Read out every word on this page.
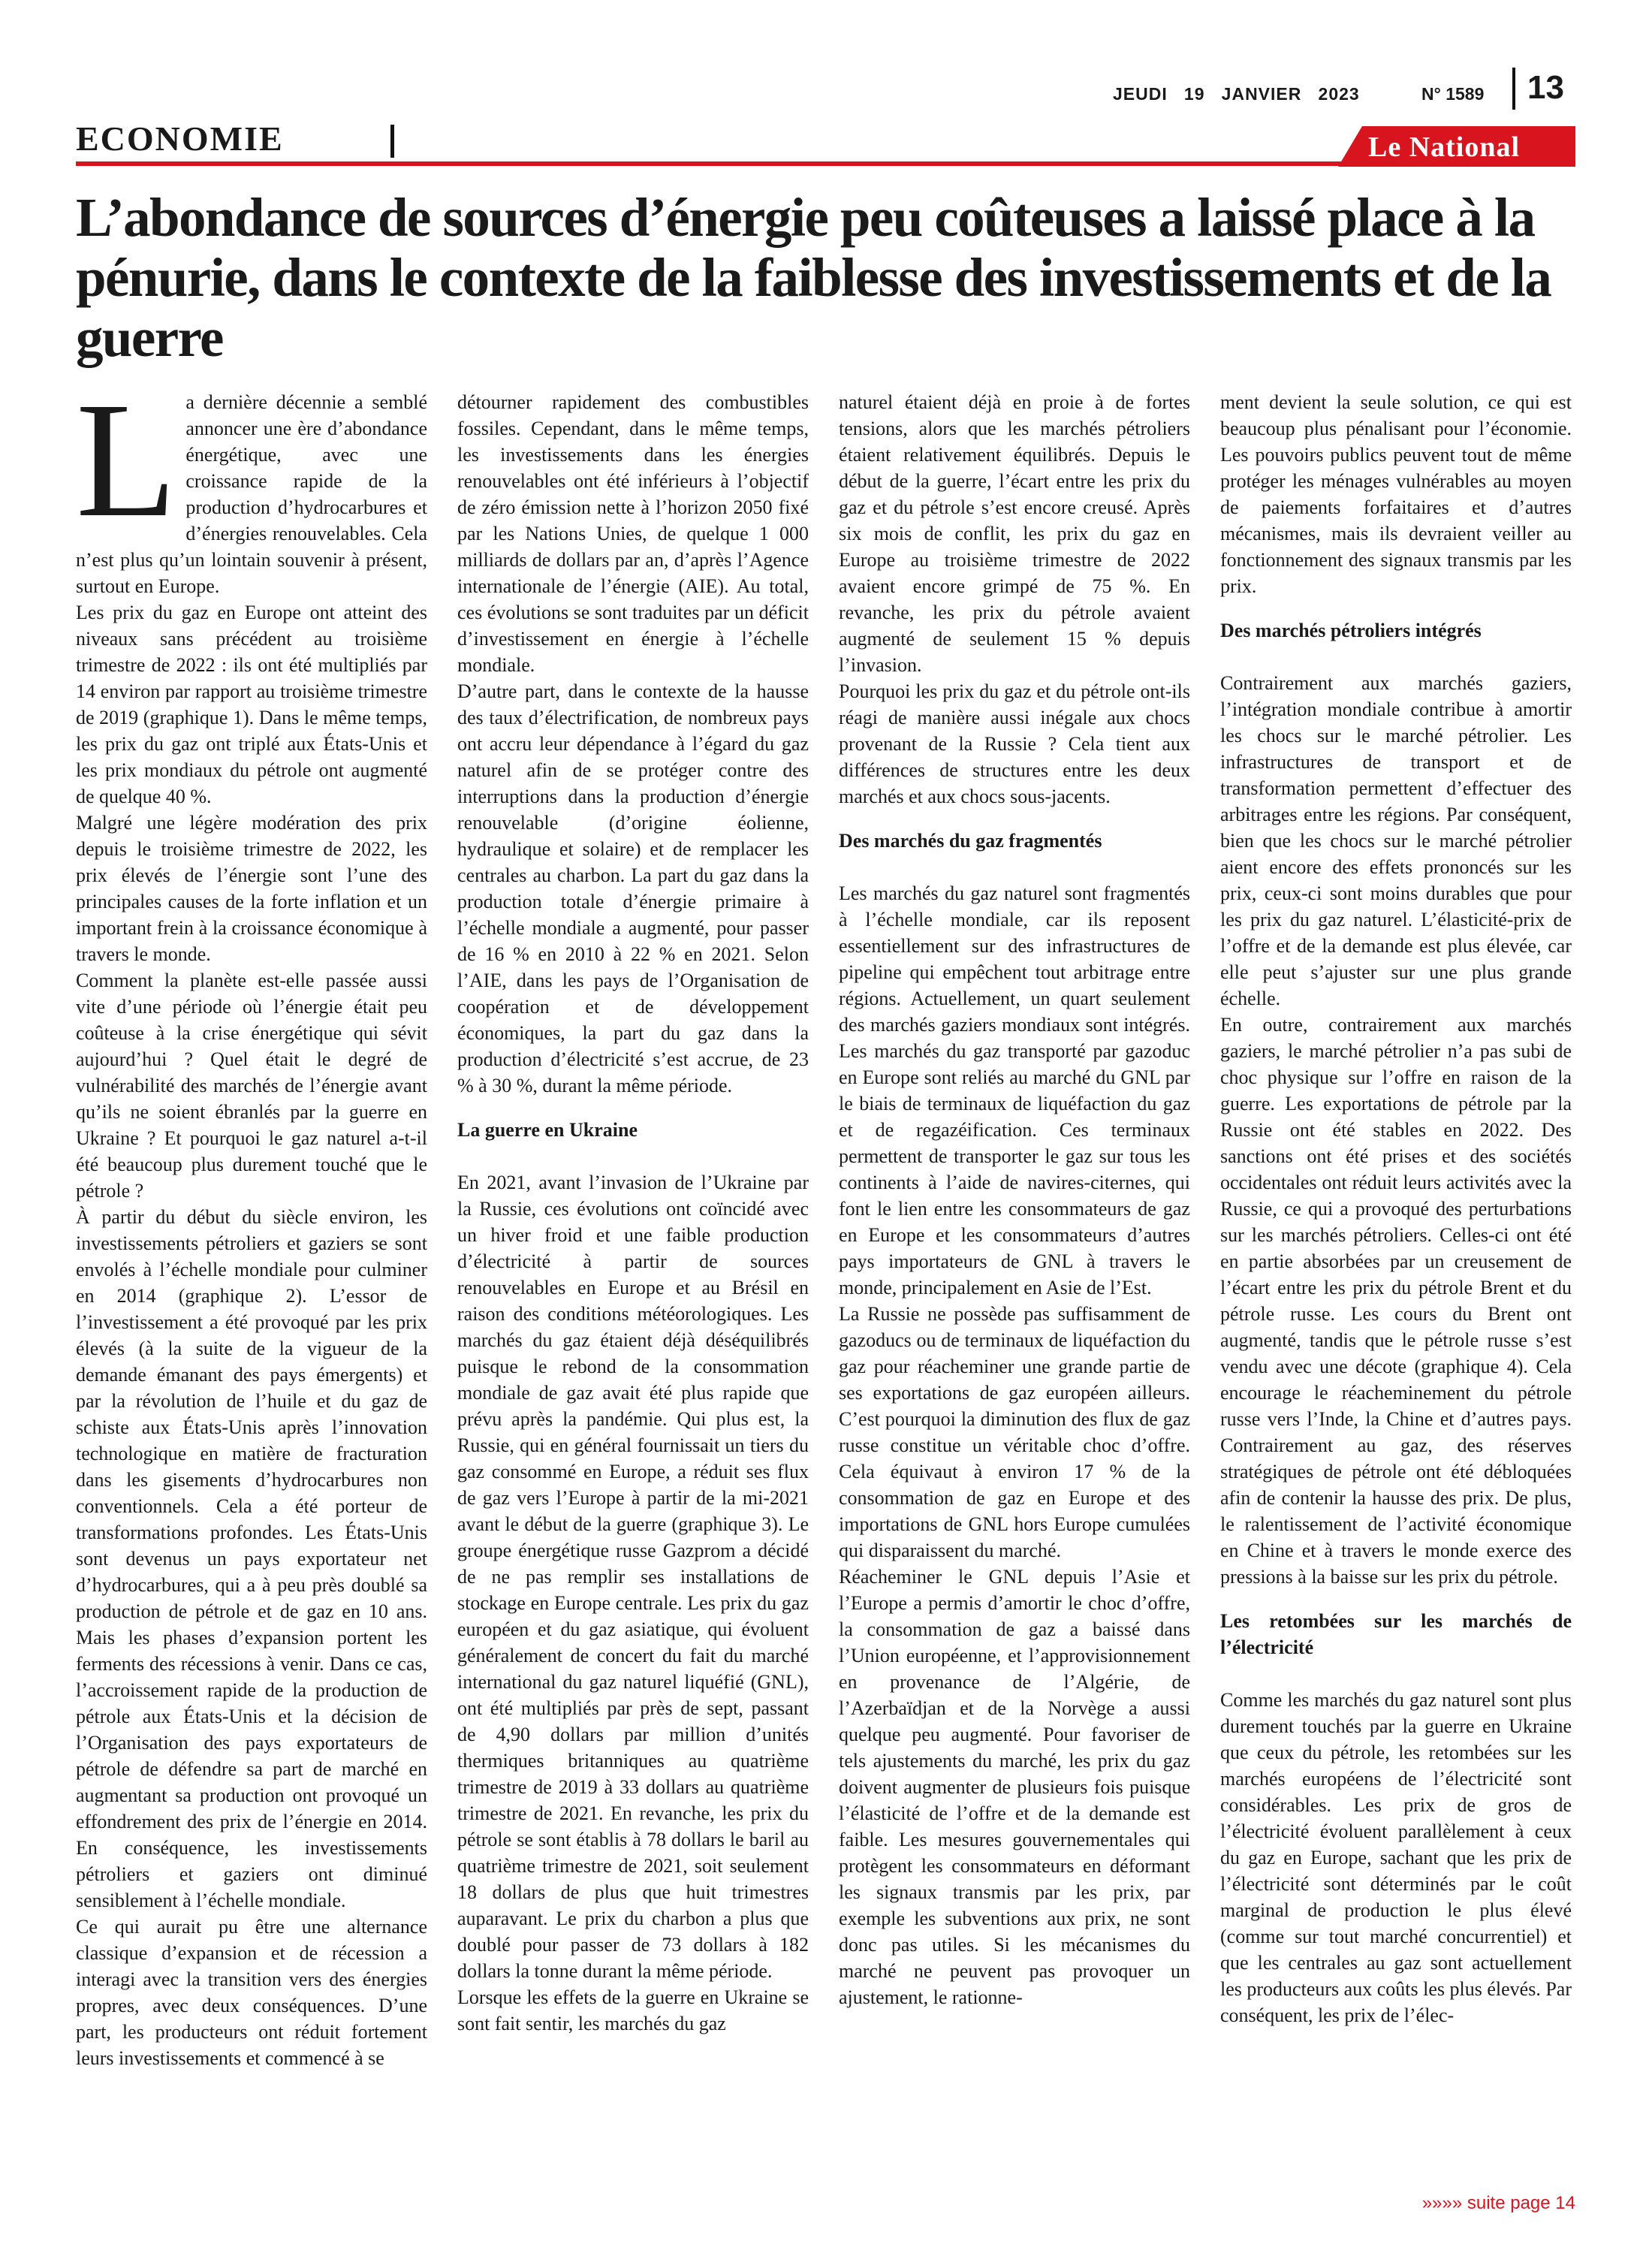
JEUDI   19   JANVIER   2023	N° 1589 13
ECONOMIE	Le National
L’abondance de sources d’énergie peu coûteuses a laissé place à la pénurie, dans le contexte de la faiblesse des investissements et de la guerre

La dernière décennie a semblé annoncer une ère d’abondance énergétique, avec une croissance rapide de la production d’hydrocarbures et d’énergies renouvelables. Cela n’est plus qu’un lointain souvenir à présent, surtout en Europe.

Les prix du gaz en Europe ont atteint des niveaux sans précédent au troisième trimestre de 2022 : ils ont été multipliés par 14 environ par rapport au troisième trimestre de 2019 (graphique 1). Dans le même temps, les prix du gaz ont triplé aux États-Unis et les prix mondiaux du pétrole ont augmenté de quelque 40 %.

Malgré une légère modération des prix depuis le troisième trimestre de 2022, les prix élevés de l’énergie sont l’une des principales causes de la forte inflation et un important frein à la croissance économique à travers le monde.

Comment la planète est-elle passée aussi vite d’une période où l’énergie était peu coûteuse à la crise énergétique qui sévit aujourd’hui ? Quel était le degré de vulnérabilité des marchés de l’énergie avant qu’ils ne soient ébranlés par la guerre en Ukraine ? Et pourquoi le gaz naturel a-t-il été beaucoup plus durement touché que le pétrole ?

À partir du début du siècle environ, les investissements pétroliers et gaziers se sont envolés à l’échelle mondiale pour culminer en 2014 (graphique 2). L’essor de l’investissement a été provoqué par les prix élevés (à la suite de la vigueur de la demande émanant des pays émergents) et par la révolution de l’huile et du gaz de schiste aux États-Unis après l’innovation technologique en matière de fracturation dans les gisements d’hydrocarbures non conventionnels. Cela a été porteur de transformations profondes. Les États-Unis sont devenus un pays exportateur net d’hydrocarbures, qui a à peu près doublé sa production de pétrole et de gaz en 10 ans. Mais les phases d’expansion portent les ferments des récessions à venir. Dans ce cas, l’accroissement rapide de la production de pétrole aux États-Unis et la décision de l’Organisation des pays exportateurs de pétrole de défendre sa part de marché en augmentant sa production ont provoqué un effondrement des prix de l’énergie en 2014. En conséquence, les investissements pétroliers et gaziers ont diminué sensiblement à l’échelle mondiale.

Ce qui aurait pu être une alternance classique d’expansion et de récession a interagi avec la transition vers des énergies propres, avec deux conséquences. D’une part, les producteurs ont réduit fortement leurs investissements et commencé à se

détourner rapidement des combustibles fossiles. Cependant, dans le même temps, les investissements dans les énergies renouvelables ont été inférieurs à l’objectif de zéro émission nette à l’horizon 2050 fixé par les Nations Unies, de quelque 1 000 milliards de dollars par an, d’après l’Agence internationale de l’énergie (AIE). Au total, ces évolutions se sont traduites par un déficit d’investissement en énergie à l’échelle mondiale.

D’autre part, dans le contexte de la hausse des taux d’électrification, de nombreux pays ont accru leur dépendance à l’égard du gaz naturel afin de se protéger contre des interruptions dans la production d’énergie renouvelable (d’origine éolienne, hydraulique et solaire) et de remplacer les centrales au charbon. La part du gaz dans la production totale d’énergie primaire à l’échelle mondiale a augmenté, pour passer de 16 % en 2010 à 22 % en 2021. Selon l’AIE, dans les pays de l’Organisation de coopération et de développement économiques, la part du gaz dans la production d’électricité s’est accrue, de 23 % à 30 %, durant la même période.

La guerre en Ukraine

En 2021, avant l’invasion de l’Ukraine par la Russie, ces évolutions ont coïncidé avec un hiver froid et une faible production d’électricité à partir de sources renouvelables en Europe et au Brésil en raison des conditions météorologiques. Les marchés du gaz étaient déjà déséquilibrés puisque le rebond de la consommation mondiale de gaz avait été plus rapide que prévu après la pandémie. Qui plus est, la Russie, qui en général fournissait un tiers du gaz consommé en Europe, a réduit ses flux de gaz vers l’Europe à partir de la mi-2021 avant le début de la guerre (graphique 3). Le groupe énergétique russe Gazprom a décidé de ne pas remplir ses installations de stockage en Europe centrale. Les prix du gaz européen et du gaz asiatique, qui évoluent généralement de concert du fait du marché international du gaz naturel liquéfié (GNL), ont été multipliés par près de sept, passant de 4,90 dollars par million d’unités thermiques britanniques au quatrième trimestre de 2019 à 33 dollars au quatrième trimestre de 2021. En revanche, les prix du pétrole se sont établis à 78 dollars le baril au quatrième trimestre de 2021, soit seulement 18 dollars de plus que huit trimestres auparavant. Le prix du charbon a plus que doublé pour passer de 73 dollars à 182 dollars la tonne durant la même période.

Lorsque les effets de la guerre en Ukraine se sont fait sentir, les marchés du gaz

naturel étaient déjà en proie à de fortes tensions, alors que les marchés pétroliers étaient relativement équilibrés. Depuis le début de la guerre, l’écart entre les prix du gaz et du pétrole s’est encore creusé. Après six mois de conflit, les prix du gaz en Europe au troisième trimestre de 2022 avaient encore grimpé de 75 %. En revanche, les prix du pétrole avaient augmenté de seulement 15 % depuis l’invasion.

Pourquoi les prix du gaz et du pétrole ont-ils réagi de manière aussi inégale aux chocs provenant de la Russie ? Cela tient aux différences de structures entre les deux marchés et aux chocs sous-jacents.

Des marchés du gaz fragmentés

Les marchés du gaz naturel sont fragmentés à l’échelle mondiale, car ils reposent essentiellement sur des infrastructures de pipeline qui empêchent tout arbitrage entre régions. Actuellement, un quart seulement des marchés gaziers mondiaux sont intégrés. Les marchés du gaz transporté par gazoduc en Europe sont reliés au marché du GNL par le biais de terminaux de liquéfaction du gaz et de regazéification. Ces terminaux permettent de transporter le gaz sur tous les continents à l’aide de navires-citernes, qui font le lien entre les consommateurs de gaz en Europe et les consommateurs d’autres pays importateurs de GNL à travers le monde, principalement en Asie de l’Est.

La Russie ne possède pas suffisamment de gazoducs ou de terminaux de liquéfaction du gaz pour réacheminer une grande partie de ses exportations de gaz européen ailleurs. C’est pourquoi la diminution des flux de gaz russe constitue un véritable choc d’offre. Cela équivaut à environ 17 % de la consommation de gaz en Europe et des importations de GNL hors Europe cumulées qui disparaissent du marché.

Réacheminer le GNL depuis l’Asie et l’Europe a permis d’amortir le choc d’offre, la consommation de gaz a baissé dans l’Union européenne, et l’approvisionnement en provenance de l’Algérie, de l’Azerbaïdjan et de la Norvège a aussi quelque peu augmenté. Pour favoriser de tels ajustements du marché, les prix du gaz doivent augmenter de plusieurs fois puisque l’élasticité de l’offre et de la demande est faible. Les mesures gouvernementales qui protègent les consommateurs en déformant les signaux transmis par les prix, par exemple les subventions aux prix, ne sont donc pas utiles. Si les mécanismes du marché ne peuvent pas provoquer un ajustement, le rationne-

ment devient la seule solution, ce qui est beaucoup plus pénalisant pour l’économie. Les pouvoirs publics peuvent tout de même protéger les ménages vulnérables au moyen de paiements forfaitaires et d’autres mécanismes, mais ils devraient veiller au fonctionnement des signaux transmis par les prix.

Des marchés pétroliers intégrés

Contrairement aux marchés gaziers, l’intégration mondiale contribue à amortir les chocs sur le marché pétrolier. Les infrastructures de transport et de transformation permettent d’effectuer des arbitrages entre les régions. Par conséquent, bien que les chocs sur le marché pétrolier aient encore des effets prononcés sur les prix, ceux-ci sont moins durables que pour les prix du gaz naturel. L’élasticité-prix de l’offre et de la demande est plus élevée, car elle peut s’ajuster sur une plus grande échelle.

En outre, contrairement aux marchés gaziers, le marché pétrolier n’a pas subi de choc physique sur l’offre en raison de la guerre. Les exportations de pétrole par la Russie ont été stables en 2022. Des sanctions ont été prises et des sociétés occidentales ont réduit leurs activités avec la Russie, ce qui a provoqué des perturbations sur les marchés pétroliers. Celles-ci ont été en partie absorbées par un creusement de l’écart entre les prix du pétrole Brent et du pétrole russe. Les cours du Brent ont augmenté, tandis que le pétrole russe s’est vendu avec une décote (graphique 4). Cela encourage le réacheminement du pétrole russe vers l’Inde, la Chine et d’autres pays. Contrairement au gaz, des réserves stratégiques de pétrole ont été débloquées afin de contenir la hausse des prix. De plus, le ralentissement de l’activité économique en Chine et à travers le monde exerce des pressions à la baisse sur les prix du pétrole.

Les retombées sur les marchés de l’électricité

Comme les marchés du gaz naturel sont plus durement touchés par la guerre en Ukraine que ceux du pétrole, les retombées sur les marchés européens de l’électricité sont considérables. Les prix de gros de l’électricité évoluent parallèlement à ceux du gaz en Europe, sachant que les prix de l’électricité sont déterminés par le coût marginal de production le plus élevé (comme sur tout marché concurrentiel) et que les centrales au gaz sont actuellement les producteurs aux coûts les plus élevés. Par conséquent, les prix de l’élec-

»»»» suite page 14
